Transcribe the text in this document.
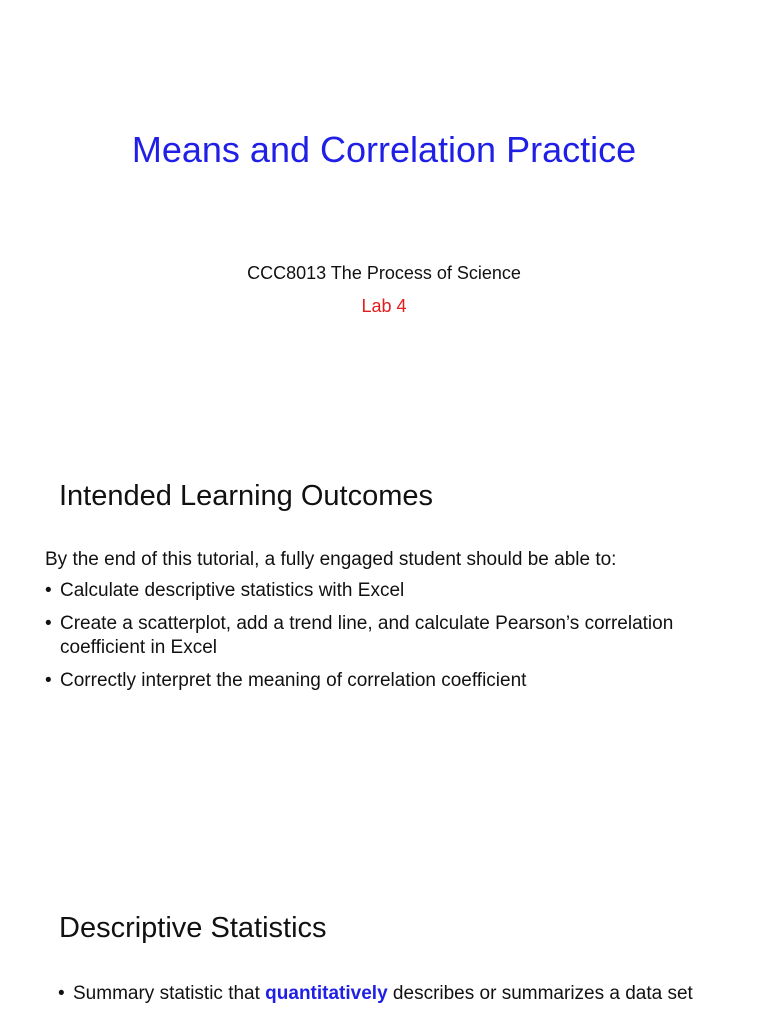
Means and Correlation Practice
CCC8013 The Process of Science
Lab 4
Intended Learning Outcomes
By the end of this tutorial, a fully engaged student should be able to:
• Calculate descriptive statistics with Excel
• Create a scatterplot, add a trend line, and calculate Pearson’s correlation coefficient in Excel
• Correctly interpret the meaning of correlation coefficient
Descriptive Statistics
• Summary statistic that quantitatively describes or summarizes a data set
